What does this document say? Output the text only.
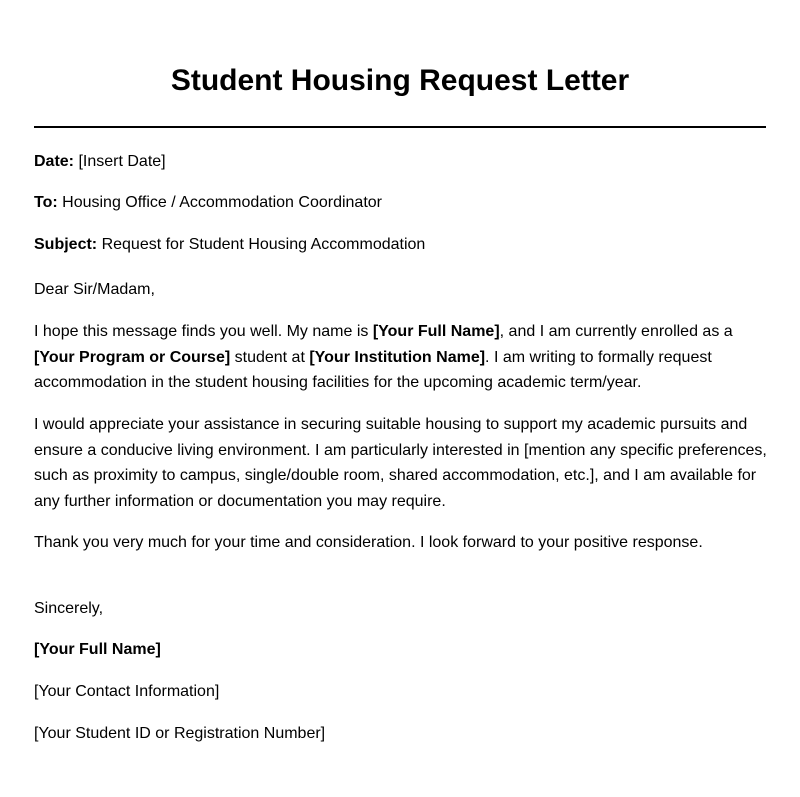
Student Housing Request Letter

Date: [Insert Date]

To: Housing Office / Accommodation Coordinator

Subject: Request for Student Housing Accommodation

Dear Sir/Madam,

I hope this message finds you well. My name is [Your Full Name], and I am currently enrolled as a [Your Program or Course] student at [Your Institution Name]. I am writing to formally request accommodation in the student housing facilities for the upcoming academic term/year.

I would appreciate your assistance in securing suitable housing to support my academic pursuits and ensure a conducive living environment. I am particularly interested in [mention any specific preferences, such as proximity to campus, single/double room, shared accommodation, etc.], and I am available for any further information or documentation you may require.

Thank you very much for your time and consideration. I look forward to your positive response.

Sincerely,

[Your Full Name]

[Your Contact Information]

[Your Student ID or Registration Number]
